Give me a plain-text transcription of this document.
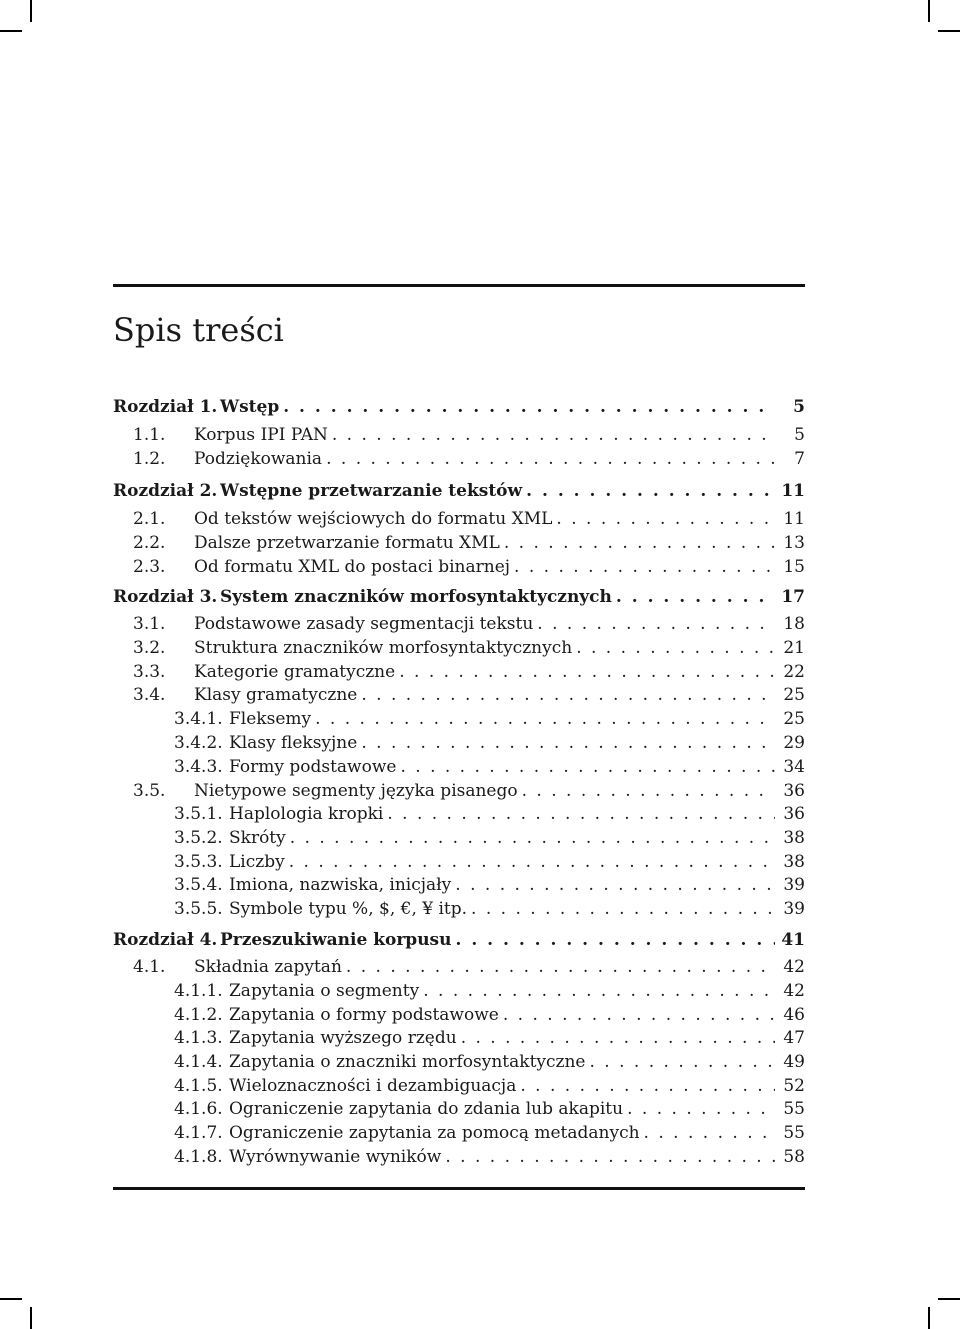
Spis treści
Rozdział 1. Wstęp . . .	5
1.1.	Korpus IPI PAN . . .	5
1.2.	Podziękowania . . .	7
Rozdział 2. Wstępne przetwarzanie tekstów . . .	11
2.1.	Od tekstów wejściowych do formatu XML . . .	11
2.2.	Dalsze przetwarzanie formatu XML . . .	13
2.3.	Od formatu XML do postaci binarnej . . .	15
Rozdział 3. System znaczników morfosyntaktycznych . . .	17
3.1.	Podstawowe zasady segmentacji tekstu . . .	18
3.2.	Struktura znaczników morfosyntaktycznych . . .	21
3.3.	Kategorie gramatyczne . . .	22
3.4.	Klasy gramatyczne . . .	25
3.4.1. Fleksemy . . .	25
3.4.2. Klasy fleksyjne . . .	29
3.4.3. Formy podstawowe . . .	34
3.5.	Nietypowe segmenty języka pisanego . . .	36
3.5.1. Haplologia kropki . . .	36
3.5.2. Skróty . . .	38
3.5.3. Liczby . . .	38
3.5.4. Imiona, nazwiska, inicjały . . .	39
3.5.5. Symbole typu %, $, €, ¥ itp. . . .	39
Rozdział 4. Przeszukiwanie korpusu . . .	41
4.1.	Składnia zapytań . . .	42
4.1.1. Zapytania o segmenty . . .	42
4.1.2. Zapytania o formy podstawowe . . .	46
4.1.3. Zapytania wyższego rzędu . . .	47
4.1.4. Zapytania o znaczniki morfosyntaktyczne . . .	49
4.1.5. Wieloznaczności i dezambiguacja . . .	52
4.1.6. Ograniczenie zapytania do zdania lub akapitu . . .	55
4.1.7. Ograniczenie zapytania za pomocą metadanych . . .	55
4.1.8. Wyrównywanie wyników . . .	58
